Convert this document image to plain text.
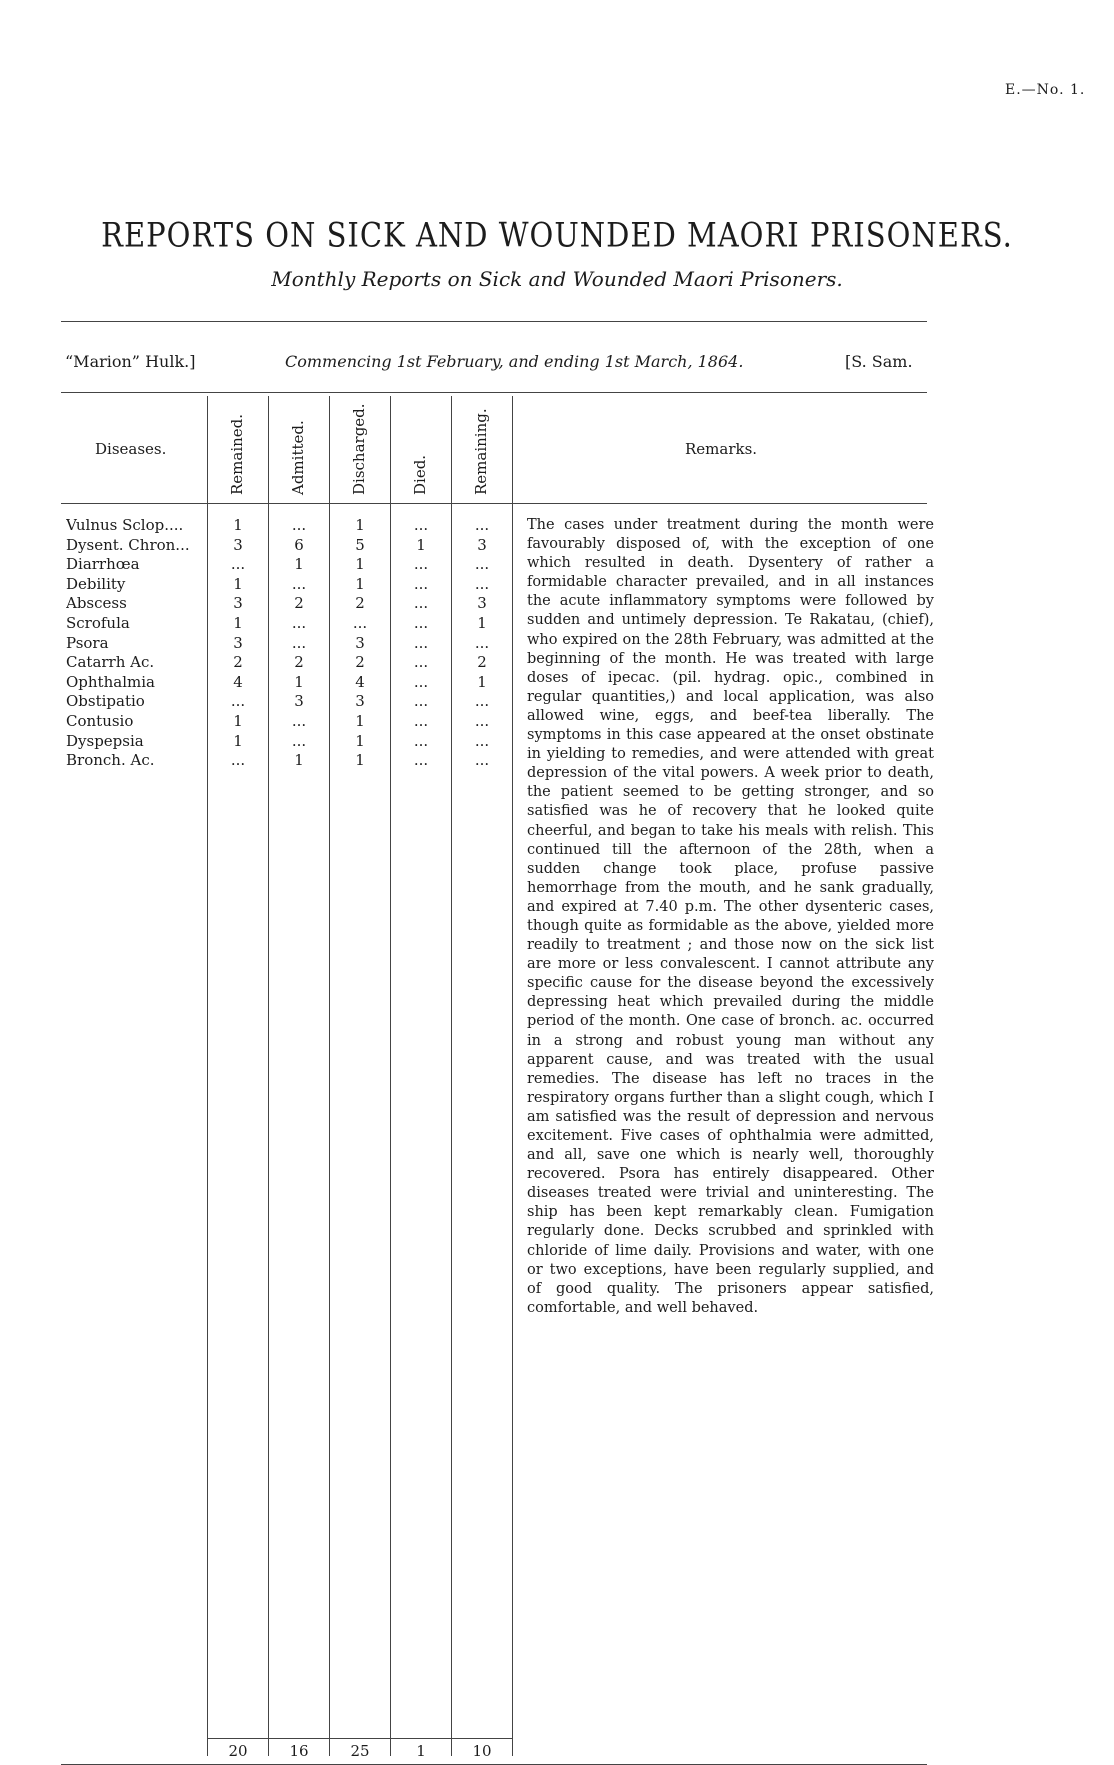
E.—No. 1.
REPORTS ON SICK AND WOUNDED MAORI PRISONERS.
Monthly Reports on Sick and Wounded Maori Prisoners.
“Marion” Hulk.]	Commencing 1st February, and ending 1st March, 1864.	[S. Sam.
Diseases.	Remarks.
Remained.	Admitted.	Discharged.	Died.	Remaining.
Vulnus Sclop....	1	...	1	...	...
Dysent. Chron...	3	6	5	1	3
Diarrhœa	...	1	1	...	...
Debility	1	...	1	...	...
Abscess	3	2	2	...	3
Scrofula	1	...	...	...	1
Psora	3	...	3	...	...
Catarrh Ac.	2	2	2	...	2
Ophthalmia	4	1	4	...	1
Obstipatio	...	3	3	...	...
Contusio	1	...	1	...	...
Dyspepsia	1	...	1	...	...
Bronch. Ac.	...	1	1	...	...
20	16	25	1	10
The cases under treatment during the month were favourably disposed of, with the exception of one which resulted in death. Dysentery of rather a formidable character prevailed, and in all instances the acute inflammatory symptoms were followed by sudden and untimely depression. Te Rakatau, (chief), who expired on the 28th February, was admitted at the beginning of the month. He was treated with large doses of ipecac. (pil. hydrag. opic., combined in regular quantities,) and local application, was also allowed wine, eggs, and beef-tea liberally. The symptoms in this case appeared at the onset obstinate in yielding to remedies, and were attended with great depression of the vital powers. A week prior to death, the patient seemed to be getting stronger, and so satisfied was he of recovery that he looked quite cheerful, and began to take his meals with relish. This continued till the afternoon of the 28th, when a sudden change took place, profuse passive hemorrhage from the mouth, and he sank gradually, and expired at 7.40 p.m. The other dysenteric cases, though quite as formidable as the above, yielded more readily to treatment ; and those now on the sick list are more or less convalescent. I cannot attribute any specific cause for the disease beyond the excessively depressing heat which prevailed during the middle period of the month. One case of bronch. ac. occurred in a strong and robust young man without any apparent cause, and was treated with the usual remedies. The disease has left no traces in the respiratory organs further than a slight cough, which I am satisfied was the result of depression and nervous excitement. Five cases of ophthalmia were admitted, and all, save one which is nearly well, thoroughly recovered. Psora has entirely disappeared. Other diseases treated were trivial and uninteresting. The ship has been kept remarkably clean. Fumigation regularly done. Decks scrubbed and sprinkled with chloride of lime daily. Provisions and water, with one or two exceptions, have been regularly supplied, and of good quality. The prisoners appear satisfied, comfortable, and well behaved.
